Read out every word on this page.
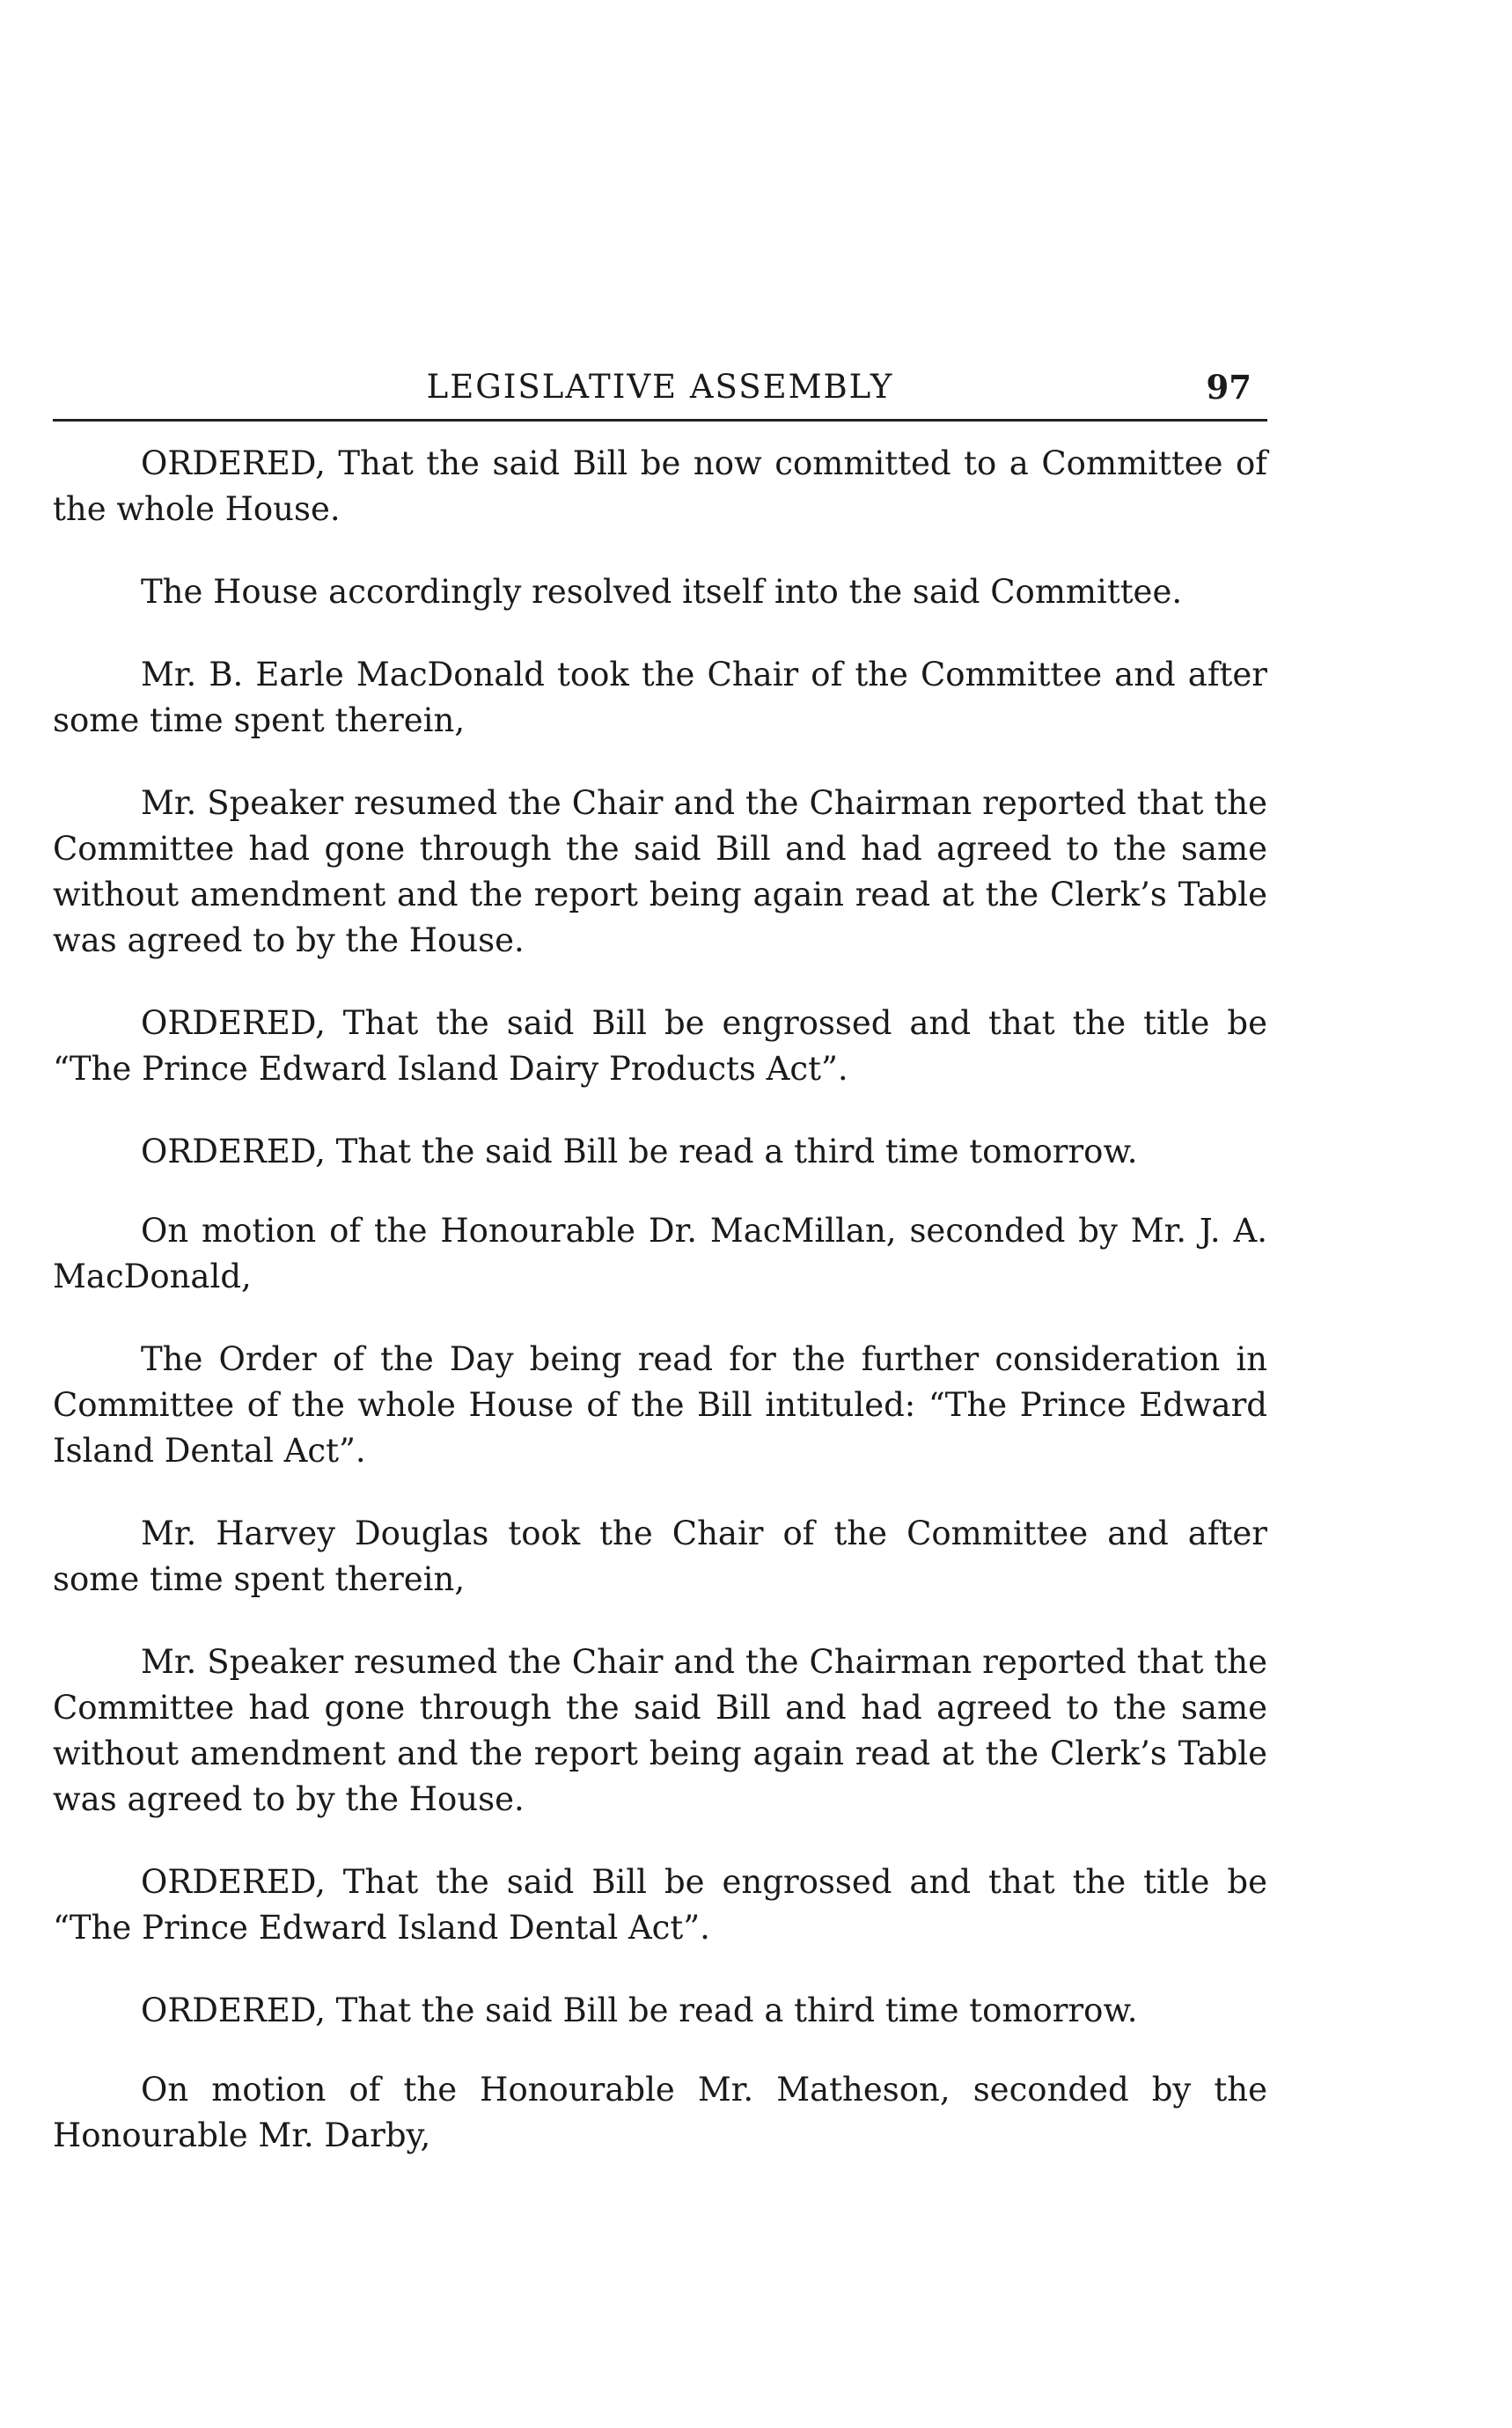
LEGISLATIVE ASSEMBLY	97

ORDERED, That the said Bill be now committed to a Committee of the whole House.

The House accordingly resolved itself into the said Committee.

Mr. B. Earle MacDonald took the Chair of the Committee and after some time spent therein,

Mr. Speaker resumed the Chair and the Chairman reported that the Committee had gone through the said Bill and had agreed to the same without amendment and the report being again read at the Clerk’s Table was agreed to by the House.

ORDERED, That the said Bill be engrossed and that the title be “The Prince Edward Island Dairy Products Act”.

ORDERED, That the said Bill be read a third time tomorrow.

On motion of the Honourable Dr. MacMillan, seconded by Mr. J. A. MacDonald,

The Order of the Day being read for the further consideration in Committee of the whole House of the Bill intituled: “The Prince Edward Island Dental Act”.

Mr. Harvey Douglas took the Chair of the Committee and after some time spent therein,

Mr. Speaker resumed the Chair and the Chairman reported that the Committee had gone through the said Bill and had agreed to the same without amendment and the report being again read at the Clerk’s Table was agreed to by the House.

ORDERED, That the said Bill be engrossed and that the title be “The Prince Edward Island Dental Act”.

ORDERED, That the said Bill be read a third time tomorrow.

On motion of the Honourable Mr. Matheson, seconded by the Honourable Mr. Darby,
